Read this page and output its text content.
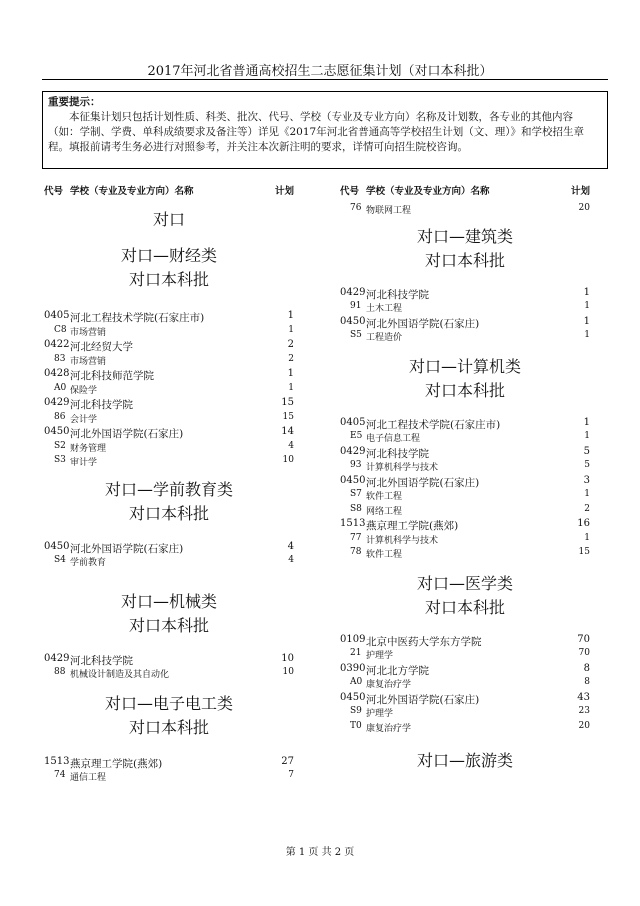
2017年河北省普通高校招生二志愿征集计划（对口本科批）
重要提示：

本征集计划只包括计划性质、科类、批次、代号、学校（专业及专业方向）名称及计划数，各专业的其他内容（如：学制、学费、单科成绩要求及备注等）详见《2017年河北省普通高等学校招生计划（文、理）》和学校招生章程。填报前请考生务必进行对照参考，并关注本次新注明的要求，详情可向招生院校咨询。

代号 学校（专业及专业方向）名称	计划
对口
对口—财经类
对口本科批
0405 河北工程技术学院(石家庄市)	1
C8 市场营销	1
0422 河北经贸大学	2
83 市场营销	2
0428 河北科技师范学院	1
A0 保险学	1
0429 河北科技学院	15
86 会计学	15
0450 河北外国语学院(石家庄)	14
S2 财务管理	4
S3 审计学	10
对口—学前教育类
对口本科批
0450 河北外国语学院(石家庄)	4
S4 学前教育	4
对口—机械类
对口本科批
0429 河北科技学院	10
88 机械设计制造及其自动化	10
对口—电子电工类
对口本科批
1513 燕京理工学院(燕郊)	27
74 通信工程	7
代号 学校（专业及专业方向）名称	计划
76 物联网工程	20
对口—建筑类
对口本科批
0429 河北科技学院	1
91 土木工程	1
0450 河北外国语学院(石家庄)	1
S5 工程造价	1
对口—计算机类
对口本科批
0405 河北工程技术学院(石家庄市)	1
E5 电子信息工程	1
0429 河北科技学院	5
93 计算机科学与技术	5
0450 河北外国语学院(石家庄)	3
S7 软件工程	1
S8 网络工程	2
1513 燕京理工学院(燕郊)	16
77 计算机科学与技术	1
78 软件工程	15
对口—医学类
对口本科批
0109 北京中医药大学东方学院	70
21 护理学	70
0390 河北北方学院	8
A0 康复治疗学	8
0450 河北外国语学院(石家庄)	43
S9 护理学	23
T0 康复治疗学	20
对口—旅游类
第 1 页 共 2 页
